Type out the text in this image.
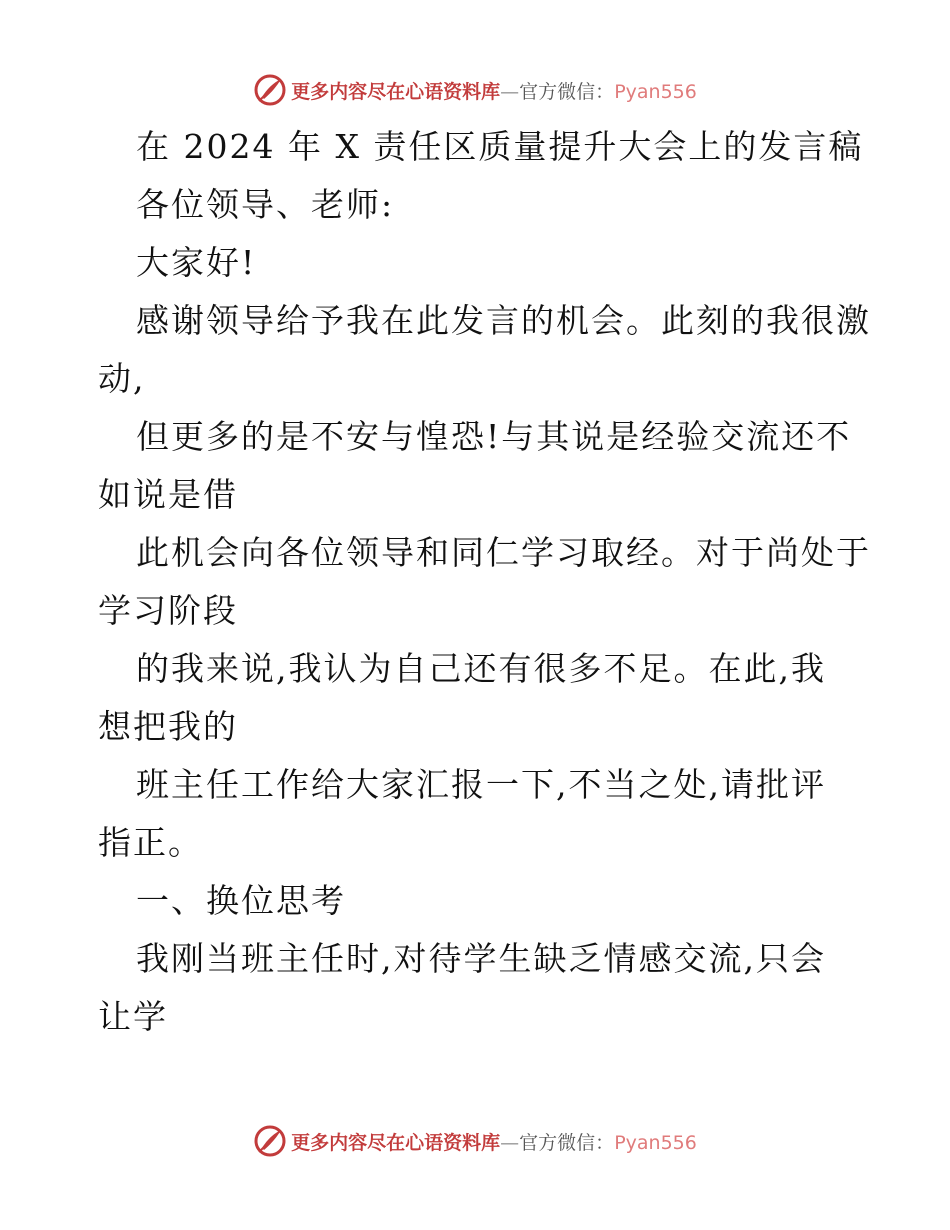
更多内容尽在心语资料库—官方微信：Pyan556
在 2024 年 X 责任区质量提升大会上的发言稿
各位领导、老师:
大家好!
感谢领导给予我在此发言的机会。此刻的我很激
动,
但更多的是不安与惶恐!与其说是经验交流还不
如说是借
此机会向各位领导和同仁学习取经。对于尚处于
学习阶段
的我来说,我认为自己还有很多不足。在此,我
想把我的
班主任工作给大家汇报一下,不当之处,请批评
指正。
一、换位思考
我刚当班主任时,对待学生缺乏情感交流,只会
让学
更多内容尽在心语资料库—官方微信：Pyan556
